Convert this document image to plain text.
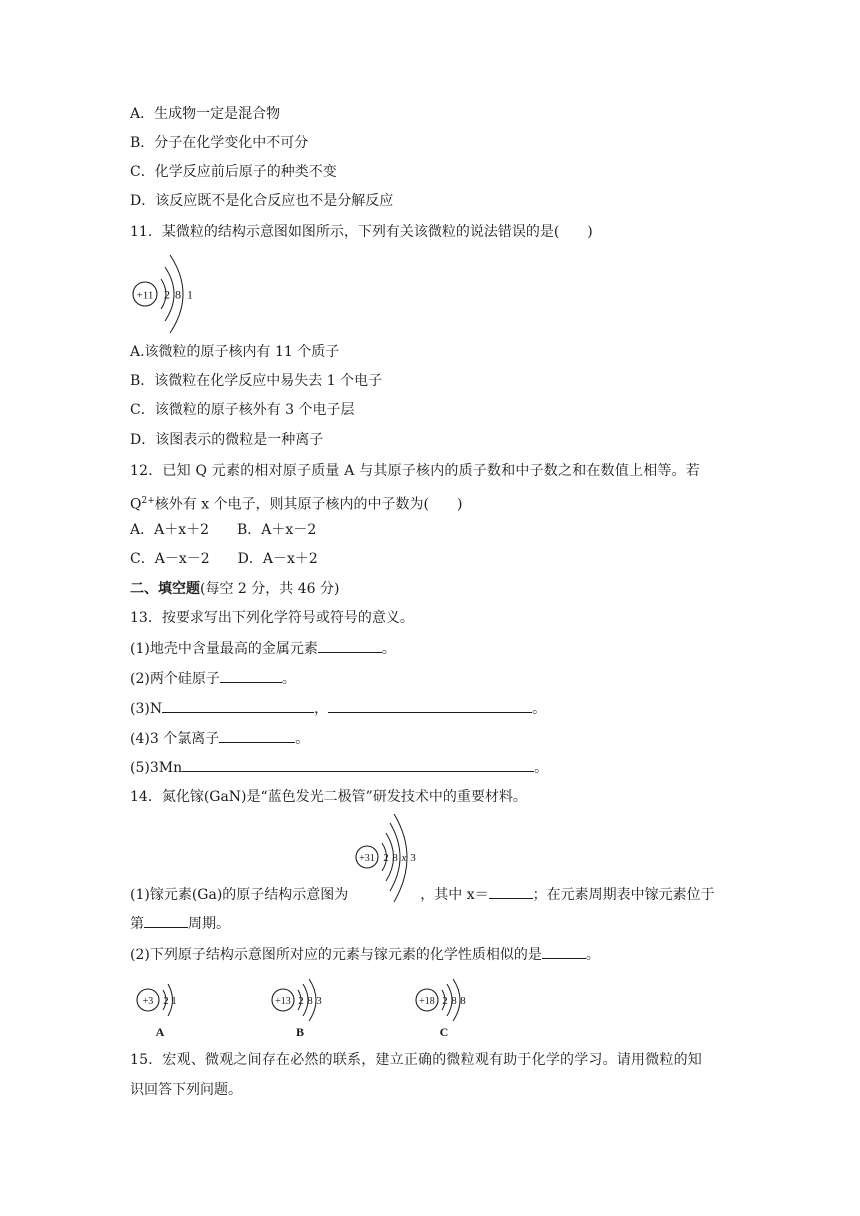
A．生成物一定是混合物
B．分子在化学变化中不可分
C．化学反应前后原子的种类不变
D．该反应既不是化合反应也不是分解反应
11．某微粒的结构示意图如图所示，下列有关该微粒的说法错误的是(　　)
+11 2 8 1
A.该微粒的原子核内有 11 个质子
B．该微粒在化学反应中易失去 1 个电子
C．该微粒的原子核外有 3 个电子层
D．该图表示的微粒是一种离子
12．已知 Q 元素的相对原子质量 A 与其原子核内的质子数和中子数之和在数值上相等。若
$Q^{2+}$核外有 x 个电子，则其原子核内的中子数为(　　)
A．A＋x＋2　　B．A＋x－2
C．A－x－2　　D．A－x＋2
二、填空题(每空 2 分，共 46 分)
13．按要求写出下列化学符号或符号的意义。
(1)地壳中含量最高的金属元素	。
(2)两个硅原子	。
(3)N	，	。
(4)3 个氯离子	。
(5)3Mn	。
14．氮化镓(GaN)是“蓝色发光二极管”研发技术中的重要材料。
+31 2 8 x 3
(1)镓元素(Ga)的原子结构示意图为	，其中 x＝	；在元素周期表中镓元素位于
第	周期。
(2)下列原子结构示意图所对应的元素与镓元素的化学性质相似的是	。
+3 2 1
A
+13 2 8 3
B
+18 2 8 8
C
15．宏观、微观之间存在必然的联系，建立正确的微粒观有助于化学的学习。请用微粒的知
识回答下列问题。
